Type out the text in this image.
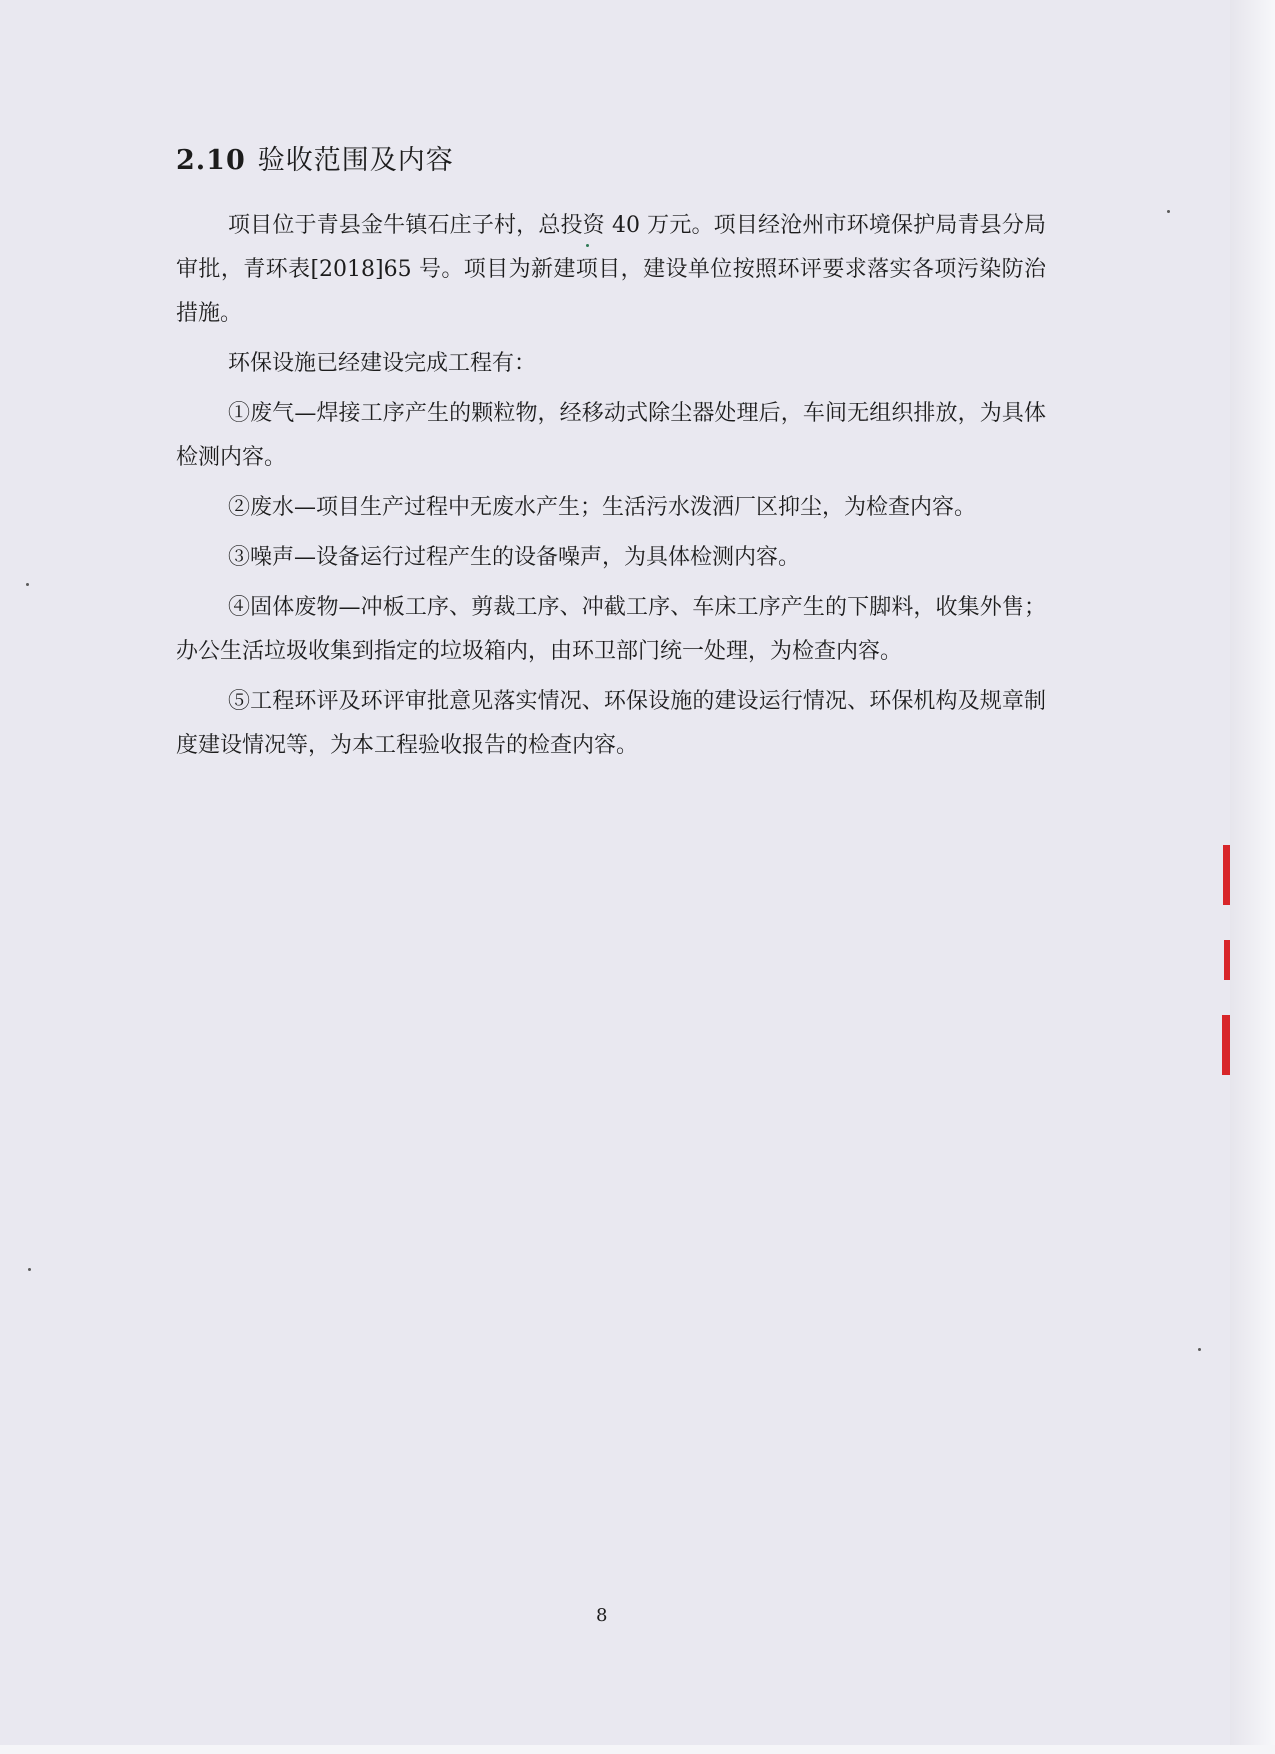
2.10 验收范围及内容

项目位于青县金牛镇石庄子村，总投资 40 万元。项目经沧州市环境保护局青县分局审批，青环表[2018]65 号。项目为新建项目，建设单位按照环评要求落实各项污染防治措施。

环保设施已经建设完成工程有：

①废气—焊接工序产生的颗粒物，经移动式除尘器处理后，车间无组织排放，为具体检测内容。

②废水—项目生产过程中无废水产生；生活污水泼洒厂区抑尘，为检查内容。

③噪声—设备运行过程产生的设备噪声，为具体检测内容。

④固体废物—冲板工序、剪裁工序、冲截工序、车床工序产生的下脚料，收集外售；办公生活垃圾收集到指定的垃圾箱内，由环卫部门统一处理，为检查内容。

⑤工程环评及环评审批意见落实情况、环保设施的建设运行情况、环保机构及规章制度建设情况等，为本工程验收报告的检查内容。

8
